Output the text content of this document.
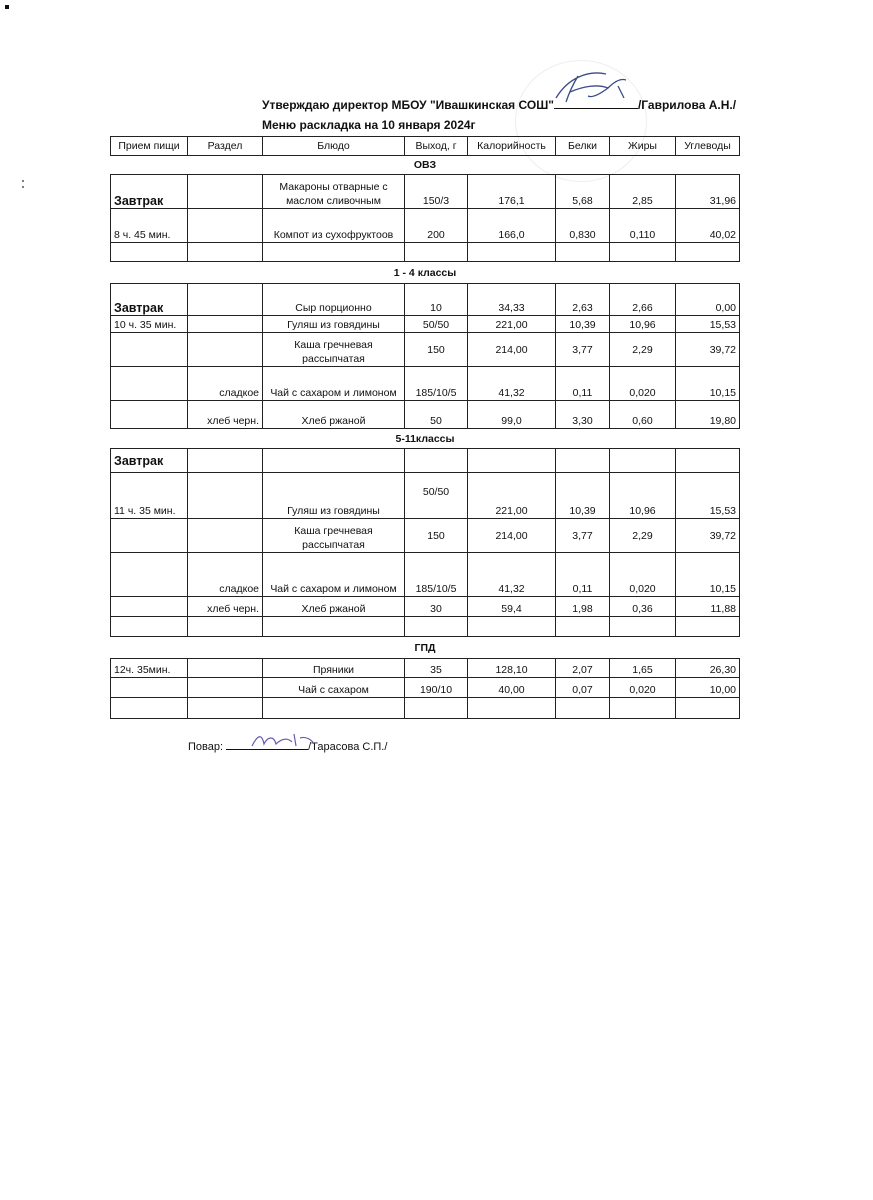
Утверждаю директор МБОУ "Ивашкинская СОШ"	/Гаврилова А.Н./
Меню раскладка на 10 января 2024г
Прием пищи	Раздел	Блюдо	Выход, г	Калорийность	Белки	Жиры	Углеводы
ОВЗ							
Завтрак		Макароны отварные с маслом сливочным	150/3	176,1	5,68	2,85	31,96
8 ч. 45 мин.		Компот из сухофруктоов	200	166,0	0,830	0,110	40,02

1 - 4 классы							
Завтрак		Сыр порционно	10	34,33	2,63	2,66	0,00
10 ч. 35 мин.		Гуляш из говядины	50/50	221,00	10,39	10,96	15,53
		Каша гречневая рассыпчатая	150	214,00	3,77	2,29	39,72
	сладкое	Чай с сахаром и лимоном	185/10/5	41,32	0,11	0,020	10,15
	хлеб черн.	Хлеб ржаной	50	99,0	3,30	0,60	19,80
5-11классы							
Завтрак							
11 ч. 35 мин.		Гуляш из говядины	50/50	221,00	10,39	10,96	15,53
		Каша гречневая рассыпчатая	150	214,00	3,77	2,29	39,72
	сладкое	Чай с сахаром и лимоном	185/10/5	41,32	0,11	0,020	10,15
	хлеб черн.	Хлеб ржаной	30	59,4	1,98	0,36	11,88

ГПД							
12ч. 35мин.		Пряники	35	128,10	2,07	1,65	26,30
		Чай с сахаром	190/10	40,00	0,07	0,020	10,00

Повар:	/Тарасова С.П./
